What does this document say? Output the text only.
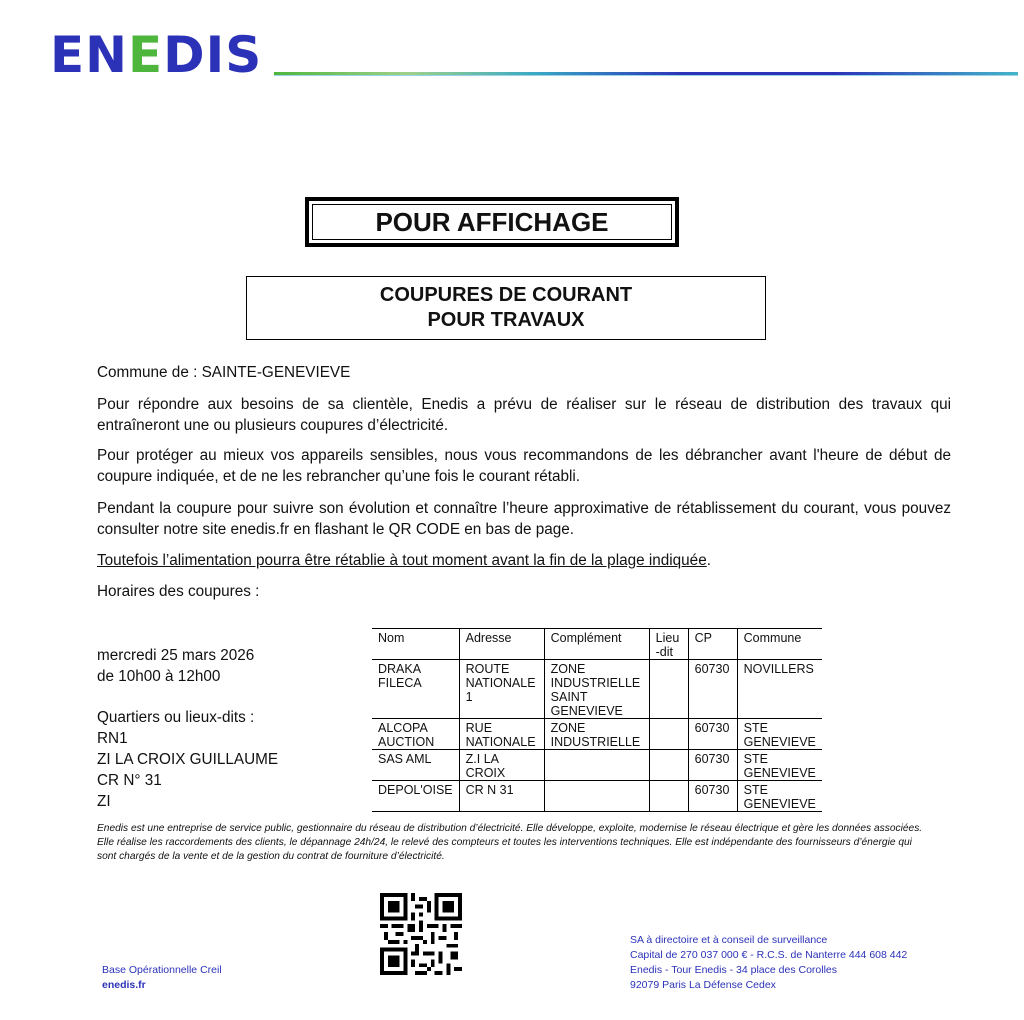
ENEDIS
POUR AFFICHAGE
COUPURES DE COURANT
POUR TRAVAUX
Commune de : SAINTE-GENEVIEVE
Pour répondre aux besoins de sa clientèle, Enedis a prévu de réaliser sur le réseau de distribution des travaux qui entraîneront une ou plusieurs coupures d’électricité.
Pour protéger au mieux vos appareils sensibles, nous vous recommandons de les débrancher avant l'heure de début de coupure indiquée, et de ne les rebrancher qu’une fois le courant rétabli.
Pendant la coupure pour suivre son évolution et connaître l’heure approximative de rétablissement du courant, vous pouvez consulter notre site enedis.fr en flashant le QR CODE en bas de page.
Toutefois l’alimentation pourra être rétablie à tout moment avant la fin de la plage indiquée.
Horaires des coupures :
mercredi 25 mars 2026
de 10h00 à 12h00
Quartiers ou lieux-dits :
RN1
ZI LA CROIX GUILLAUME
CR N° 31
ZI
Nom	Adresse	Complément	Lieu -dit	CP	Commune
DRAKA FILECA	ROUTE NATIONALE 1	ZONE INDUSTRIELLE SAINT GENEVIEVE		60730	NOVILLERS
ALCOPA AUCTION	RUE NATIONALE	ZONE INDUSTRIELLE		60730	STE GENEVIEVE
SAS AML	Z.I LA CROIX			60730	STE GENEVIEVE
DEPOL'OISE	CR N 31			60730	STE GENEVIEVE
Enedis est une entreprise de service public, gestionnaire du réseau de distribution d’électricité. Elle développe, exploite, modernise le réseau électrique et gère les données associées. Elle réalise les raccordements des clients, le dépannage 24h/24, le relevé des compteurs et toutes les interventions techniques. Elle est indépendante des fournisseurs d’énergie qui sont chargés de la vente et de la gestion du contrat de fourniture d’électricité.
Base Opérationnelle Creil
enedis.fr
SA à directoire et à conseil de surveillance
Capital de 270 037 000 € - R.C.S. de Nanterre 444 608 442
Enedis - Tour Enedis - 34 place des Corolles
92079 Paris La Défense Cedex
